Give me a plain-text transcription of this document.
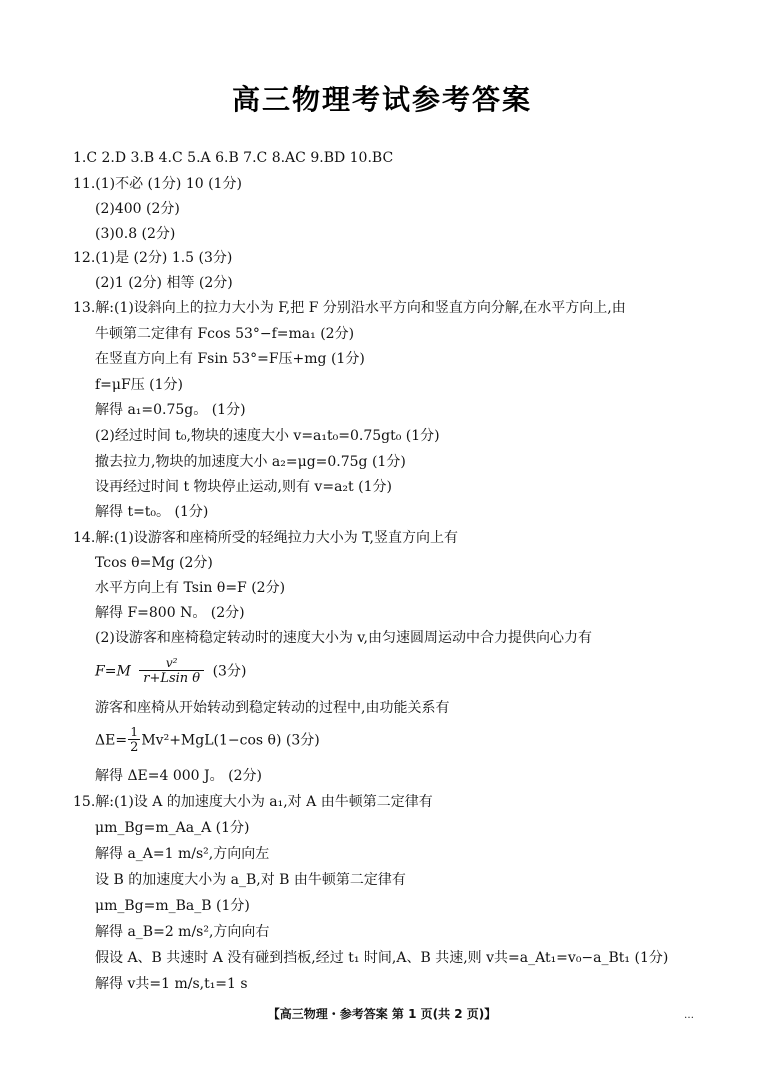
高三物理考试参考答案
1.C 2.D 3.B 4.C 5.A 6.B 7.C 8.AC 9.BD 10.BC
11.(1)不必 (1分) 10 (1分)
(2)400 (2分)
(3)0.8 (2分)
12.(1)是 (2分) 1.5 (3分)
(2)1 (2分) 相等 (2分)
13.解:(1)设斜向上的拉力大小为 F,把 F 分别沿水平方向和竖直方向分解,在水平方向上,由
牛顿第二定律有 Fcos 53°−f=ma₁ (2分)
在竖直方向上有 Fsin 53°=F压+mg (1分)
f=μF压 (1分)
解得 a₁=0.75g。 (1分)
(2)经过时间 t₀,物块的速度大小 v=a₁t₀=0.75gt₀ (1分)
撤去拉力,物块的加速度大小 a₂=μg=0.75g (1分)
设再经过时间 t 物块停止运动,则有 v=a₂t (1分)
解得 t=t₀。 (1分)
14.解:(1)设游客和座椅所受的轻绳拉力大小为 T,竖直方向上有
Tcos θ=Mg (2分)
水平方向上有 Tsin θ=F (2分)
解得 F=800 N。 (2分)
(2)设游客和座椅稳定转动时的速度大小为 v,由匀速圆周运动中合力提供向心力有
$F=M \frac{\text{v²}}{\text{r+Lsin θ}} (3$分)
游客和座椅从开始转动到稳定转动的过程中,由功能关系有
$\Delta E= \frac{1}{2} Mv^2+MgL(1-\cos$ θ) (3分)
解得 ΔE=4 000 J。 (2分)
15.解:(1)设 A 的加速度大小为 a₁,对 A 由牛顿第二定律有
μm_Bg=m_Aa_A (1分)
解得 a_A=1 m/s²,方向向左
设 B 的加速度大小为 a_B,对 B 由牛顿第二定律有
μm_Bg=m_Ba_B (1分)
解得 a_B=2 m/s²,方向向右
假设 A、B 共速时 A 没有碰到挡板,经过 t₁ 时间,A、B 共速,则 v共=a_At₁=v₀−a_Bt₁ (1分)
解得 v共=1 m/s,t₁=1 s
【高三物理・参考答案 第 1 页(共 2 页)】	…
